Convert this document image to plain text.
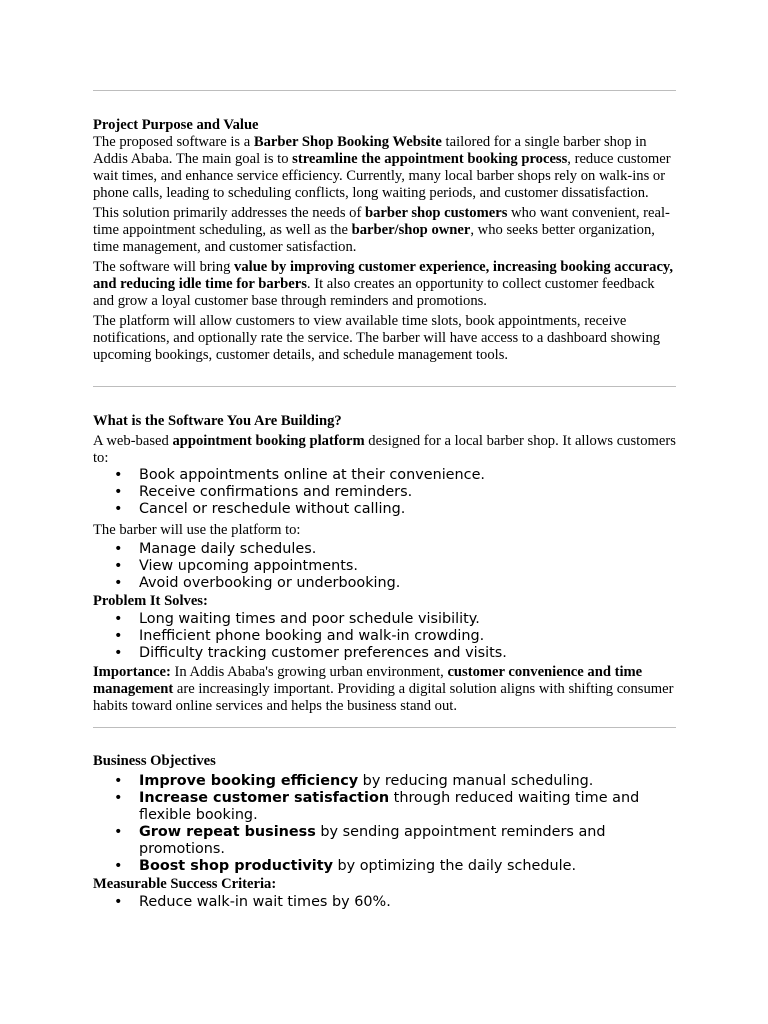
Project Purpose and Value

The proposed software is a Barber Shop Booking Website tailored for a single barber shop in Addis Ababa. The main goal is to streamline the appointment booking process, reduce customer wait times, and enhance service efficiency. Currently, many local barber shops rely on walk-ins or phone calls, leading to scheduling conflicts, long waiting periods, and customer dissatisfaction.

This solution primarily addresses the needs of barber shop customers who want convenient, real-time appointment scheduling, as well as the barber/shop owner, who seeks better organization, time management, and customer satisfaction.

The software will bring value by improving customer experience, increasing booking accuracy, and reducing idle time for barbers. It also creates an opportunity to collect customer feedback and grow a loyal customer base through reminders and promotions.

The platform will allow customers to view available time slots, book appointments, receive notifications, and optionally rate the service. The barber will have access to a dashboard showing upcoming bookings, customer details, and schedule management tools.

What is the Software You Are Building?

A web-based appointment booking platform designed for a local barber shop. It allows customers to:

• Book appointments online at their convenience.
• Receive confirmations and reminders.
• Cancel or reschedule without calling.

The barber will use the platform to:

• Manage daily schedules.
• View upcoming appointments.
• Avoid overbooking or underbooking.
Problem It Solves:
• Long waiting times and poor schedule visibility.
• Inefficient phone booking and walk-in crowding.
• Difficulty tracking customer preferences and visits.

Importance: In Addis Ababa's growing urban environment, customer convenience and time management are increasingly important. Providing a digital solution aligns with shifting consumer habits toward online services and helps the business stand out.

Business Objectives
• Improve booking efficiency by reducing manual scheduling.
• Increase customer satisfaction through reduced waiting time and flexible booking.
• Grow repeat business by sending appointment reminders and promotions.
• Boost shop productivity by optimizing the daily schedule.
Measurable Success Criteria:
• Reduce walk-in wait times by 60%.
